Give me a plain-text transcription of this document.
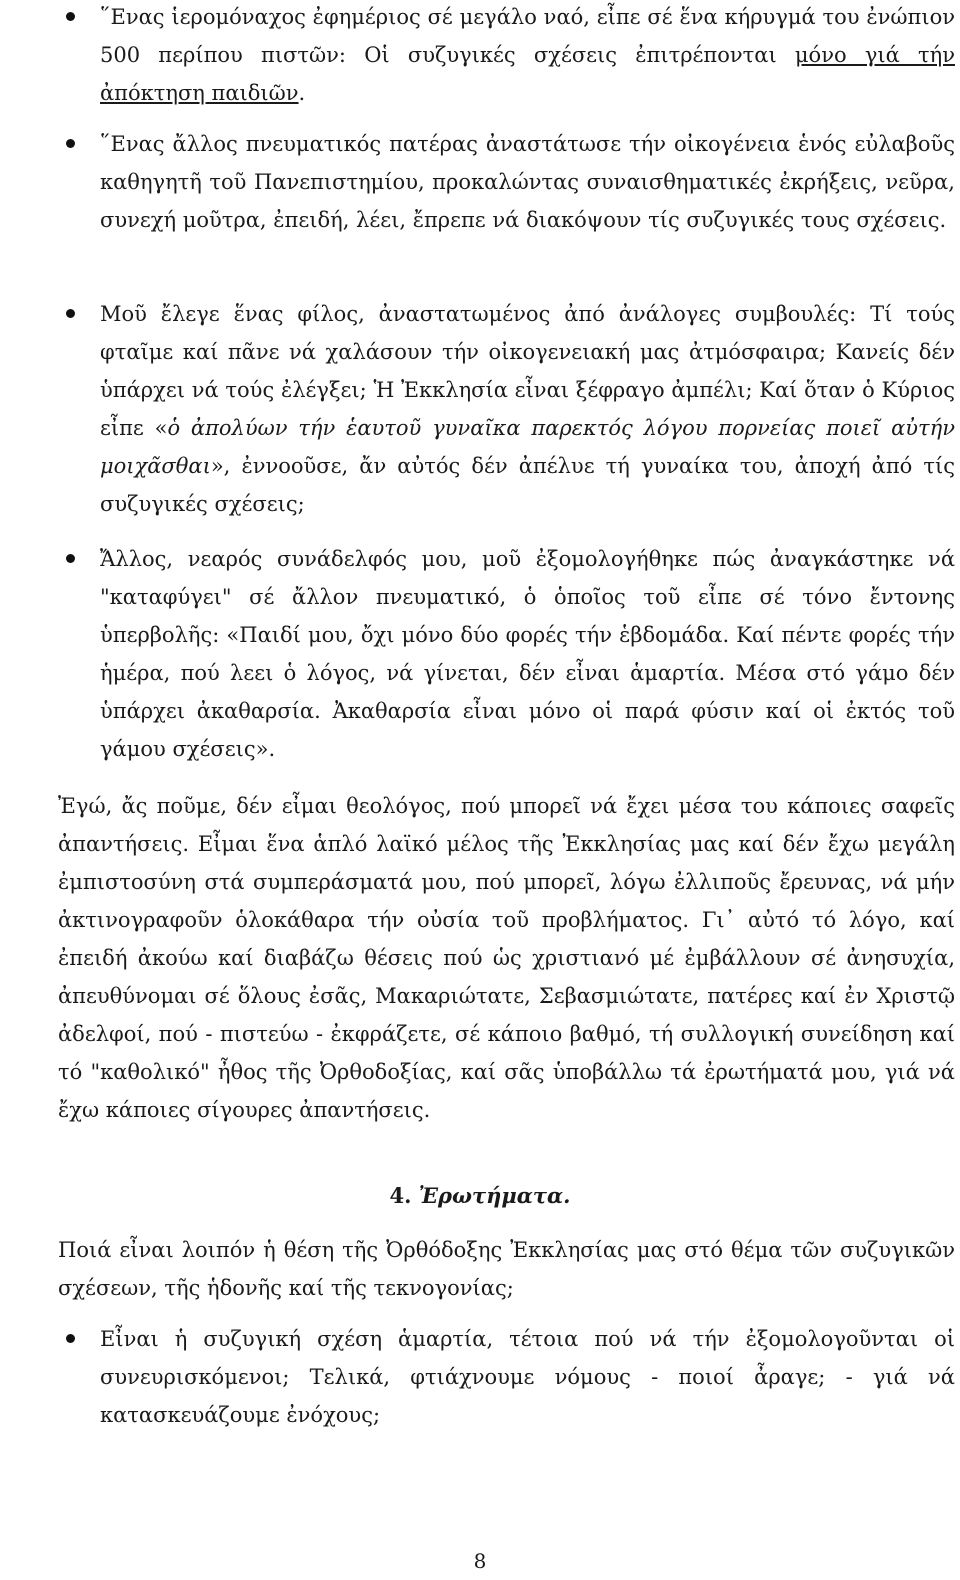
῞Ενας ἱερομόναχος ἐφημέριος σέ μεγάλο ναό, εἶπε σέ ἕνα κήρυγμά του ἐνώπιον 500 περίπου πιστῶν: Οἱ συζυγικές σχέσεις ἐπιτρέπονται μόνο γιά τήν ἀπόκτηση παιδιῶν.
῞Ενας ἄλλος πνευματικός πατέρας ἀναστάτωσε τήν οἰκογένεια ἑνός εὐλαβοῦς καθηγητῆ τοῦ Πανεπιστημίου, προκαλώντας συναισθηματικές ἐκρήξεις, νεῦρα, συνεχή μοῦτρα, ἐπειδή, λέει, ἔπρεπε νά διακόψουν τίς συζυγικές τους σχέσεις.
Μοῦ ἔλεγε ἕνας φίλος, ἀναστατωμένος ἀπό ἀνάλογες συμβουλές: Τί τούς φταῖμε καί πᾶνε νά χαλάσουν τήν οἰκογενειακή μας ἀτμόσφαιρα; Κανείς δέν ὑπάρχει νά τούς ἐλέγξει; Ἡ Ἐκκλησία εἶναι ξέφραγο ἀμπέλι; Καί ὅταν ὁ Κύριος εἶπε «ὁ ἀπολύων τήν ἑαυτοῦ γυναῖκα παρεκτός λόγου πορνείας ποιεῖ αὐτήν μοιχᾶσθαι», ἐννοοῦσε, ἄν αὐτός δέν ἀπέλυε τή γυναίκα του, ἀποχή ἀπό τίς συζυγικές σχέσεις;
Ἄλλος, νεαρός συνάδελφός μου, μοῦ ἐξομολογήθηκε πώς ἀναγκάστηκε νά "καταφύγει" σέ ἄλλον πνευματικό, ὁ ὁποῖος τοῦ εἶπε σέ τόνο ἔντονης ὑπερβολῆς: «Παιδί μου, ὄχι μόνο δύο φορές τήν ἑβδομάδα. Καί πέντε φορές τήν ἡμέρα, πού λεει ὁ λόγος, νά γίνεται, δέν εἶναι ἁμαρτία. Μέσα στό γάμο δέν ὑπάρχει ἀκαθαρσία. Ἀκαθαρσία εἶναι μόνο οἱ παρά φύσιν καί οἱ ἐκτός τοῦ γάμου σχέσεις».
Ἐγώ, ἄς ποῦμε, δέν εἶμαι θεολόγος, πού μπορεῖ νά ἔχει μέσα του κάποιες σαφεῖς ἀπαντήσεις. Εἶμαι ἕνα ἁπλό λαϊκό μέλος τῆς Ἐκκλησίας μας καί δέν ἔχω μεγάλη ἐμπιστοσύνη στά συμπεράσματά μου, πού μπορεῖ, λόγω ἐλλιποῦς ἔρευνας, νά μήν ἀκτινογραφοῦν ὁλοκάθαρα τήν οὐσία τοῦ προβλήματος. Γι᾽ αὐτό τό λόγο, καί ἐπειδή ἀκούω καί διαβάζω θέσεις πού ὡς χριστιανό μέ ἐμβάλλουν σέ ἀνησυχία, ἀπευθύνομαι σέ ὅλους ἐσᾶς, Μακαριώτατε, Σεβασμιώτατε, πατέρες καί ἐν Χριστῷ ἀδελφοί, πού - πιστεύω - ἐκφράζετε, σέ κάποιο βαθμό, τή συλλογική συνείδηση καί τό "καθολικό" ἦθος τῆς Ὀρθοδοξίας, καί σᾶς ὑποβάλλω τά ἐρωτήματά μου, γιά νά ἔχω κάποιες σίγουρες ἀπαντήσεις.
4. Ἐρωτήματα.
Ποιά εἶναι λοιπόν ἡ θέση τῆς Ὀρθόδοξης Ἐκκλησίας μας στό θέμα τῶν συζυγικῶν σχέσεων, τῆς ἡδονῆς καί τῆς τεκνογονίας;
Εἶναι ἡ συζυγική σχέση ἁμαρτία, τέτοια πού νά τήν ἐξομολογοῦνται οἱ συνευρισκόμενοι; Τελικά, φτιάχνουμε νόμους - ποιοί ἆραγε; - γιά νά κατασκευάζουμε ἐνόχους;
8
